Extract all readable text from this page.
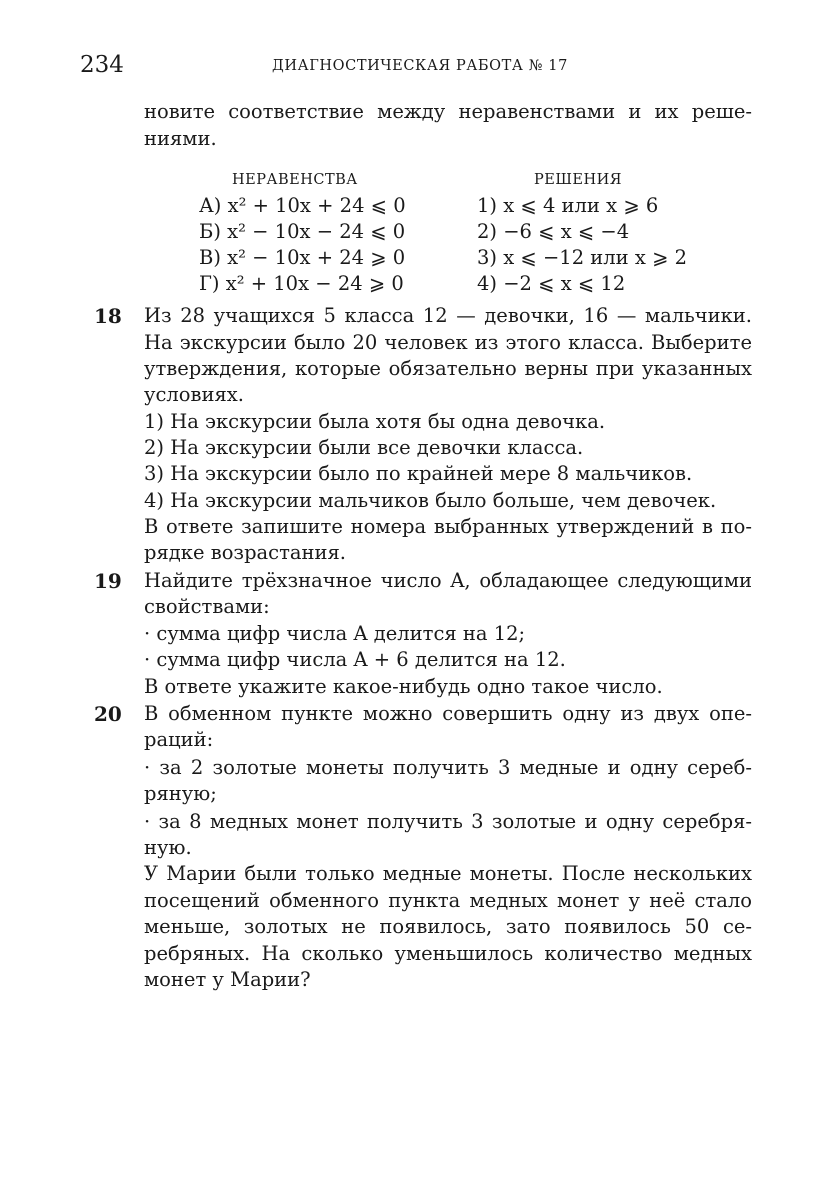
234	ДИАГНОСТИЧЕСКАЯ РАБОТА № 17
новите соответствие между неравенствами и их реше-
ниями.
НЕРАВЕНСТВА	РЕШЕНИЯ
А) x² + 10x + 24 ⩽ 0
Б) x² − 10x − 24 ⩽ 0
В) x² − 10x + 24 ⩾ 0
Г) x² + 10x − 24 ⩾ 0
1) x ⩽ 4 или x ⩾ 6
2) −6 ⩽ x ⩽ −4
3) x ⩽ −12 или x ⩾ 2
4) −2 ⩽ x ⩽ 12
18 Из 28 учащихся 5 класса 12 — девочки, 16 — мальчики.
На экскурсии было 20 человек из этого класса. Выберите
утверждения, которые обязательно верны при указанных
условиях.
1) На экскурсии была хотя бы одна девочка.
2) На экскурсии были все девочки класса.
3) На экскурсии было по крайней мере 8 мальчиков.
4) На экскурсии мальчиков было больше, чем девочек.
В ответе запишите номера выбранных утверждений в по-
рядке возрастания.
19 Найдите трёхзначное число A, обладающее следующими
свойствами:
· сумма цифр числа A делится на 12;
· сумма цифр числа A + 6 делится на 12.
В ответе укажите какое-нибудь одно такое число.
20 В обменном пункте можно совершить одну из двух опе-
раций:
· за 2 золотые монеты получить 3 медные и одну сереб-
ряную;
· за 8 медных монет получить 3 золотые и одну серебря-
ную.
У Марии были только медные монеты. После нескольких
посещений обменного пункта медных монет у неё стало
меньше, золотых не появилось, зато появилось 50 се-
ребряных. На сколько уменьшилось количество медных
монет у Марии?
